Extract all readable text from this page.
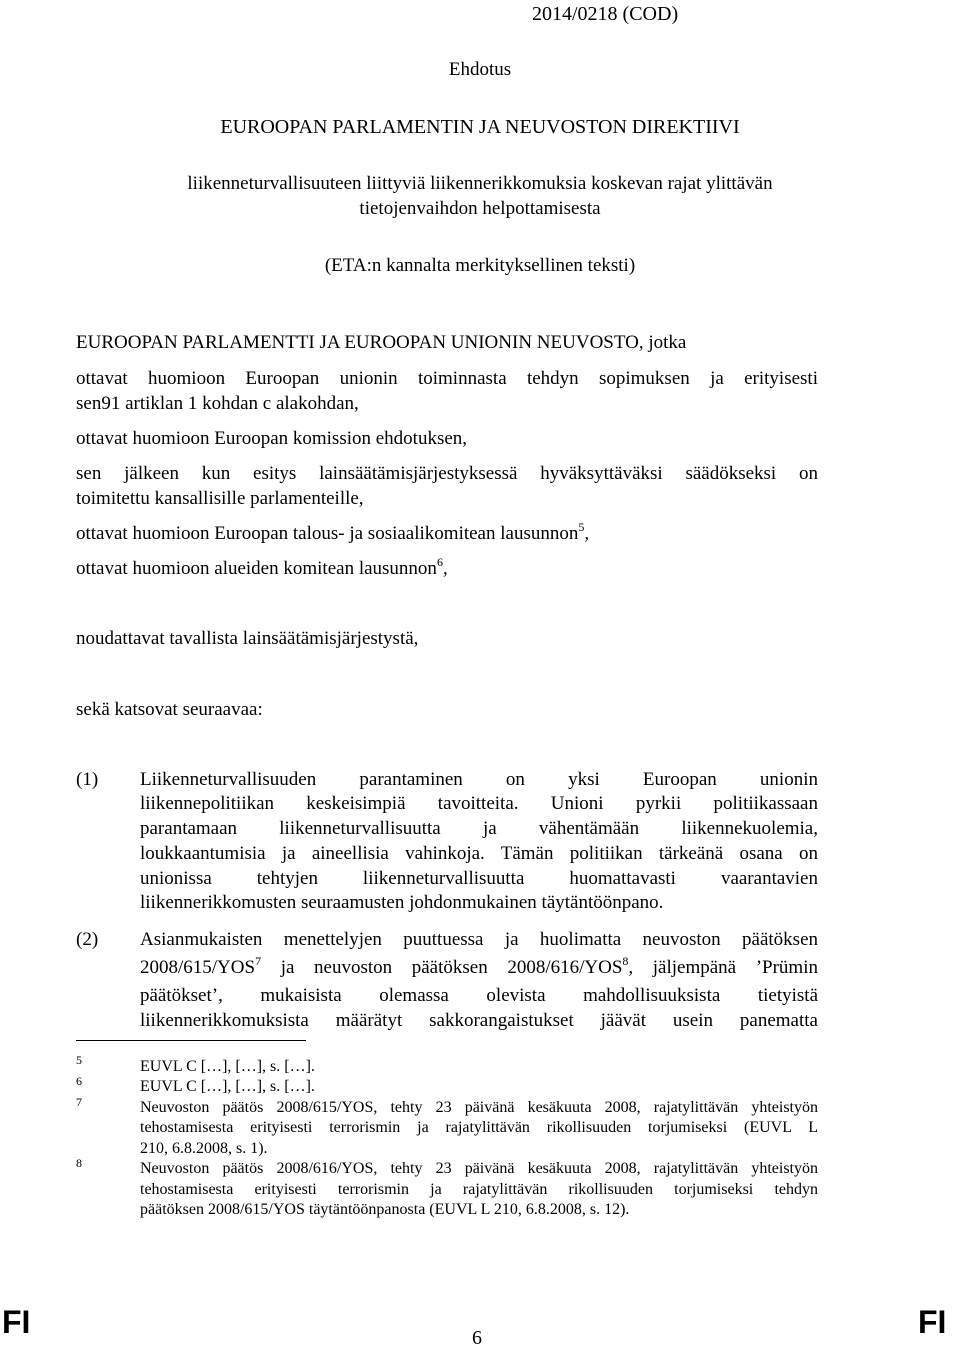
2014/0218 (COD)
Ehdotus
EUROOPAN PARLAMENTIN JA NEUVOSTON DIREKTIIVI
liikenneturvallisuuteen liittyviä liikennerikkomuksia koskevan rajat ylittävän
tietojenvaihdon helpottamisesta
(ETA:n kannalta merkityksellinen teksti)
EUROOPAN PARLAMENTTI JA EUROOPAN UNIONIN NEUVOSTO, jotka
ottavat huomioon Euroopan unionin toiminnasta tehdyn sopimuksen ja erityisesti
sen91 artiklan 1 kohdan c alakohdan,
ottavat huomioon Euroopan komission ehdotuksen,
sen jälkeen kun esitys lainsäätämisjärjestyksessä hyväksyttäväksi säädökseksi on
toimitettu kansallisille parlamenteille,
ottavat huomioon Euroopan talous- ja sosiaalikomitean lausunnon$^5$,
ottavat huomioon alueiden komitean lausunnon$^6$,
noudattavat tavallista lainsäätämisjärjestystä,
sekä katsovat seuraavaa:
(1) Liikenneturvallisuuden parantaminen on yksi Euroopan unionin
liikennepolitiikan keskeisimpiä tavoitteita. Unioni pyrkii politiikassaan
parantamaan liikenneturvallisuutta ja vähentämään liikennekuolemia,
loukkaantumisia ja aineellisia vahinkoja. Tämän politiikan tärkeänä osana on
unionissa tehtyjen liikenneturvallisuutta huomattavasti vaarantavien
liikennerikkomusten seuraamusten johdonmukainen täytäntöönpano.
(2) Asianmukaisten menettelyjen puuttuessa ja huolimatta neuvoston päätöksen
2008/615/YOS$^7$ ja neuvoston päätöksen 2008/616/YOS$^8$, jäljempänä ’Prümin
päätökset’, mukaisista olemassa olevista mahdollisuuksista tietyistä
liikennerikkomuksista määrätyt sakkorangaistukset jäävät usein panematta
5	EUVL C […], […], s. […].
6	EUVL C […], […], s. […].
7	Neuvoston päätös 2008/615/YOS, tehty 23 päivänä kesäkuuta 2008, rajatylittävän yhteistyön
tehostamisesta erityisesti terrorismin ja rajatylittävän rikollisuuden torjumiseksi (EUVL L
210, 6.8.2008, s. 1).
8	Neuvoston päätös 2008/616/YOS, tehty 23 päivänä kesäkuuta 2008, rajatylittävän yhteistyön
tehostamisesta erityisesti terrorismin ja rajatylittävän rikollisuuden torjumiseksi tehdyn
päätöksen 2008/615/YOS täytäntöönpanosta (EUVL L 210, 6.8.2008, s. 12).
FI	6	FI
